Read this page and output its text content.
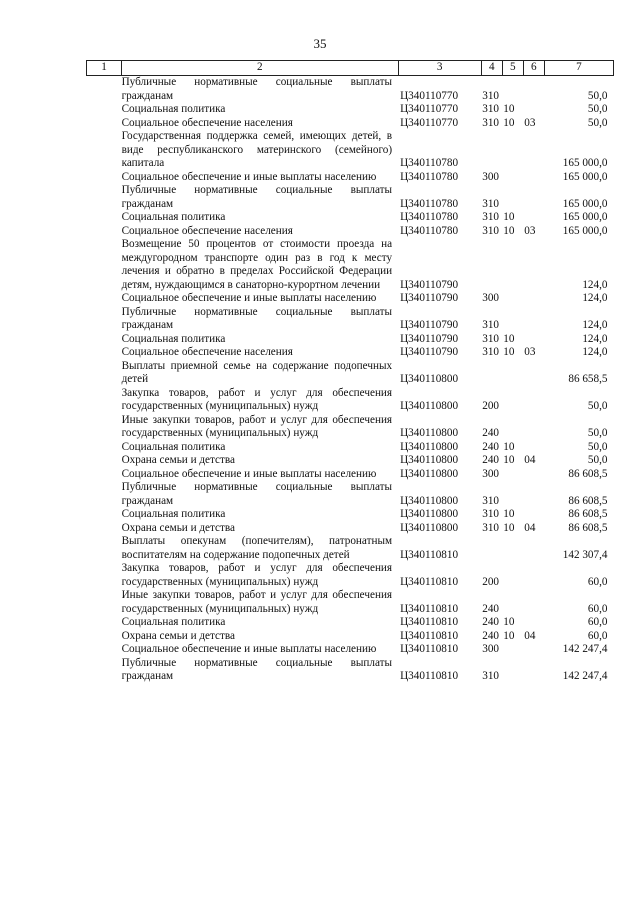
35
1	2	3	4	5	6	7
	Публичные нормативные социальные выплаты гражданам	Ц340110770	310			50,0
	Социальная политика	Ц340110770	310	10		50,0
	Социальное обеспечение населения	Ц340110770	310	10	03	50,0
	Государственная поддержка семей, имеющих детей, в виде республиканского материнского (семейного) капитала	Ц340110780				165 000,0
	Социальное обеспечение и иные выплаты населению	Ц340110780	300			165 000,0
	Публичные нормативные социальные выплаты гражданам	Ц340110780	310			165 000,0
	Социальная политика	Ц340110780	310	10		165 000,0
	Социальное обеспечение населения	Ц340110780	310	10	03	165 000,0
	Возмещение 50 процентов от стоимости проезда на междугородном транспорте один раз в год к месту лечения и обратно в пределах Российской Федерации детям, нуждающимся в санаторно-курортном лечении	Ц340110790				124,0
	Социальное обеспечение и иные выплаты населению	Ц340110790	300			124,0
	Публичные нормативные социальные выплаты гражданам	Ц340110790	310			124,0
	Социальная политика	Ц340110790	310	10		124,0
	Социальное обеспечение населения	Ц340110790	310	10	03	124,0
	Выплаты приемной семье на содержание подопечных детей	Ц340110800				86 658,5
	Закупка товаров, работ и услуг для обеспечения государственных (муниципальных) нужд	Ц340110800	200			50,0
	Иные закупки товаров, работ и услуг для обеспечения государственных (муниципальных) нужд	Ц340110800	240			50,0
	Социальная политика	Ц340110800	240	10		50,0
	Охрана семьи и детства	Ц340110800	240	10	04	50,0
	Социальное обеспечение и иные выплаты населению	Ц340110800	300			86 608,5
	Публичные нормативные социальные выплаты гражданам	Ц340110800	310			86 608,5
	Социальная политика	Ц340110800	310	10		86 608,5
	Охрана семьи и детства	Ц340110800	310	10	04	86 608,5
	Выплаты опекунам (попечителям), патронатным воспитателям на содержание подопечных детей	Ц340110810				142 307,4
	Закупка товаров, работ и услуг для обеспечения государственных (муниципальных) нужд	Ц340110810	200			60,0
	Иные закупки товаров, работ и услуг для обеспечения государственных (муниципальных) нужд	Ц340110810	240			60,0
	Социальная политика	Ц340110810	240	10		60,0
	Охрана семьи и детства	Ц340110810	240	10	04	60,0
	Социальное обеспечение и иные выплаты населению	Ц340110810	300			142 247,4
	Публичные нормативные социальные выплаты гражданам	Ц340110810	310			142 247,4
